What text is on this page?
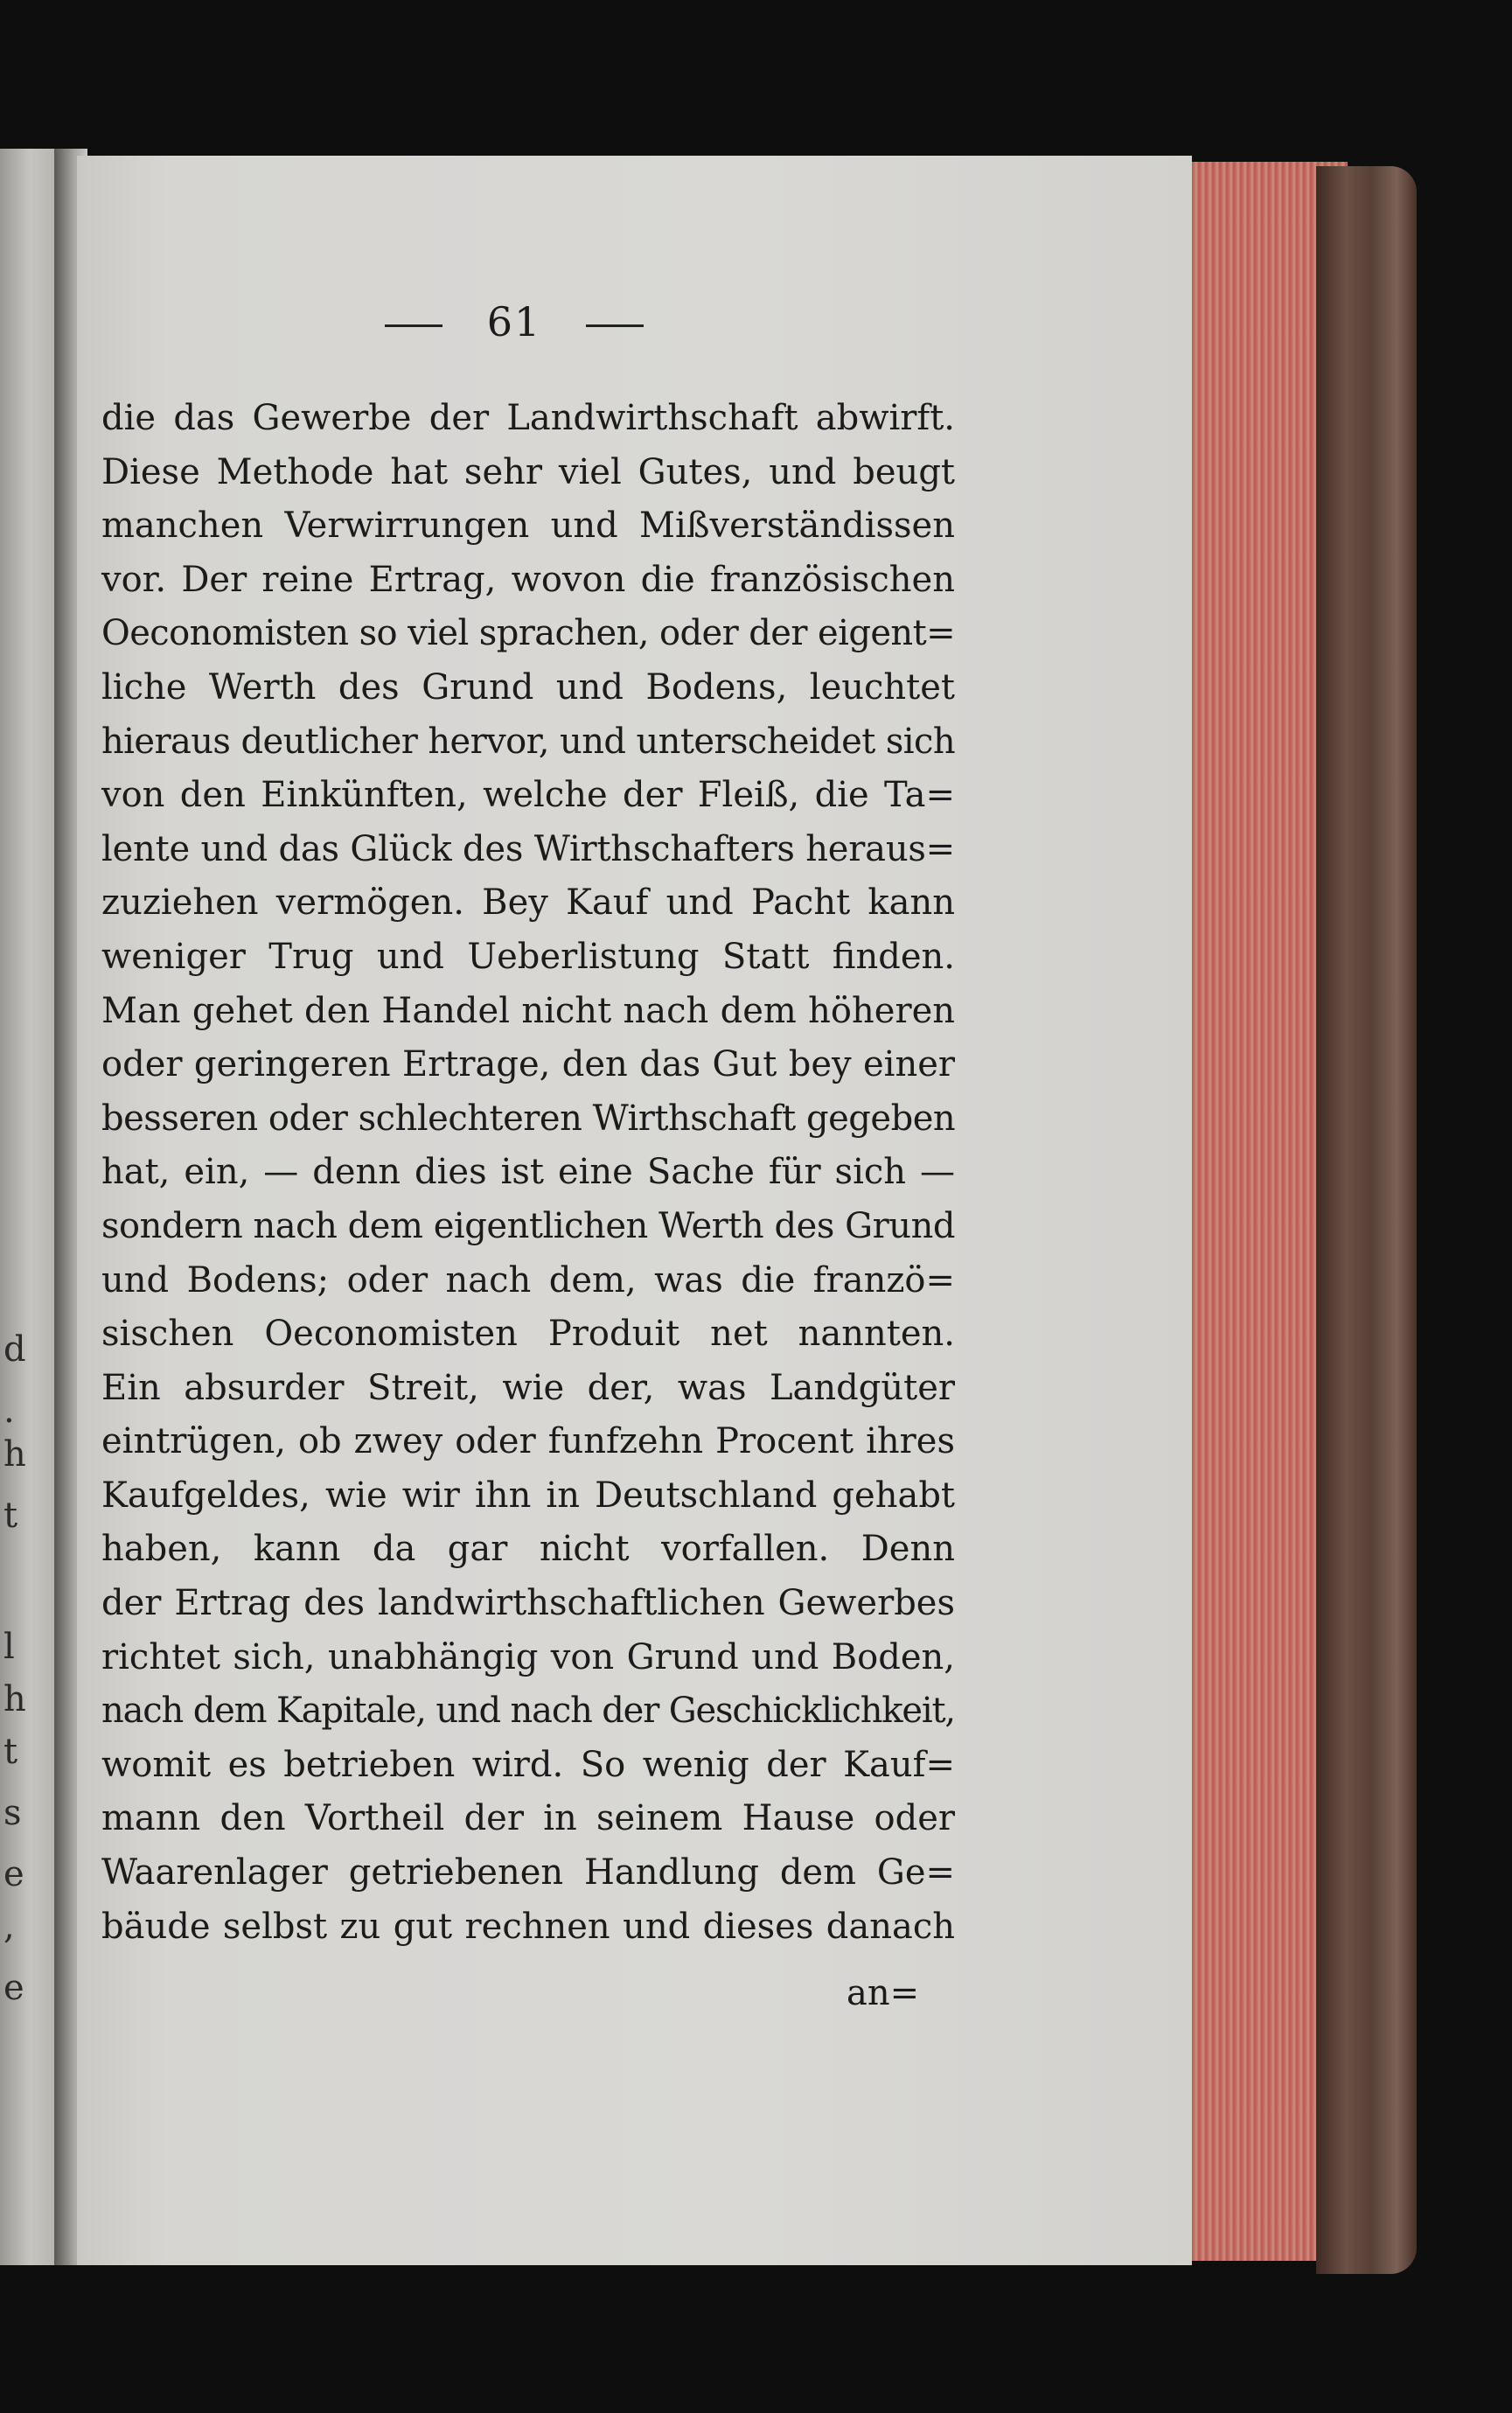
d
.
h
t
l
h
t
s
e
,
e
61
die das Gewerbe der Landwirthschaft abwirft.
Diese Methode hat sehr viel Gutes, und beugt
manchen Verwirrungen und Mißverständissen
vor. Der reine Ertrag, wovon die französischen
Oeconomisten so viel sprachen, oder der eigent=
liche Werth des Grund und Bodens, leuchtet
hieraus deutlicher hervor, und unterscheidet sich
von den Einkünften, welche der Fleiß, die Ta=
lente und das Glück des Wirthschafters heraus=
zuziehen vermögen. Bey Kauf und Pacht kann
weniger Trug und Ueberlistung Statt finden.
Man gehet den Handel nicht nach dem höheren
oder geringeren Ertrage, den das Gut bey einer
besseren oder schlechteren Wirthschaft gegeben
hat, ein, — denn dies ist eine Sache für sich —
sondern nach dem eigentlichen Werth des Grund
und Bodens; oder nach dem, was die franzö=
sischen Oeconomisten Produit net nannten.
Ein absurder Streit, wie der, was Landgüter
eintrügen, ob zwey oder funfzehn Procent ihres
Kaufgeldes, wie wir ihn in Deutschland gehabt
haben, kann da gar nicht vorfallen. Denn
der Ertrag des landwirthschaftlichen Gewerbes
richtet sich, unabhängig von Grund und Boden,
nach dem Kapitale, und nach der Geschicklichkeit,
womit es betrieben wird. So wenig der Kauf=
mann den Vortheil der in seinem Hause oder
Waarenlager getriebenen Handlung dem Ge=
bäude selbst zu gut rechnen und dieses danach
an=
